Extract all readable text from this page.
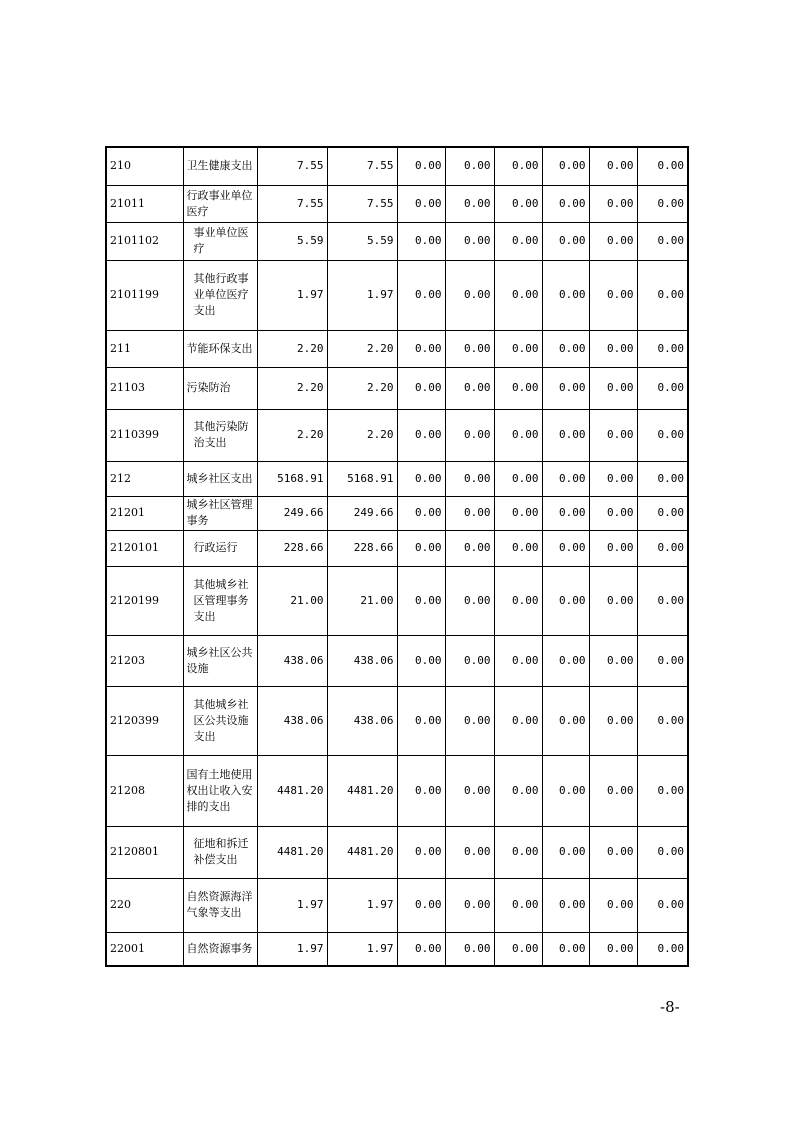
210	卫生健康支出	7.55	7.55	0.00	0.00	0.00	0.00	0.00	0.00
21011	行政事业单位医疗	7.55	7.55	0.00	0.00	0.00	0.00	0.00	0.00
2101102	事业单位医疗	5.59	5.59	0.00	0.00	0.00	0.00	0.00	0.00
2101199	其他行政事业单位医疗支出	1.97	1.97	0.00	0.00	0.00	0.00	0.00	0.00
211	节能环保支出	2.20	2.20	0.00	0.00	0.00	0.00	0.00	0.00
21103	污染防治	2.20	2.20	0.00	0.00	0.00	0.00	0.00	0.00
2110399	其他污染防治支出	2.20	2.20	0.00	0.00	0.00	0.00	0.00	0.00
212	城乡社区支出	5168.91	5168.91	0.00	0.00	0.00	0.00	0.00	0.00
21201	城乡社区管理事务	249.66	249.66	0.00	0.00	0.00	0.00	0.00	0.00
2120101	行政运行	228.66	228.66	0.00	0.00	0.00	0.00	0.00	0.00
2120199	其他城乡社区管理事务支出	21.00	21.00	0.00	0.00	0.00	0.00	0.00	0.00
21203	城乡社区公共设施	438.06	438.06	0.00	0.00	0.00	0.00	0.00	0.00
2120399	其他城乡社区公共设施支出	438.06	438.06	0.00	0.00	0.00	0.00	0.00	0.00
21208	国有土地使用权出让收入安排的支出	4481.20	4481.20	0.00	0.00	0.00	0.00	0.00	0.00
2120801	征地和拆迁补偿支出	4481.20	4481.20	0.00	0.00	0.00	0.00	0.00	0.00
220	自然资源海洋气象等支出	1.97	1.97	0.00	0.00	0.00	0.00	0.00	0.00
22001	自然资源事务	1.97	1.97	0.00	0.00	0.00	0.00	0.00	0.00
-8-
